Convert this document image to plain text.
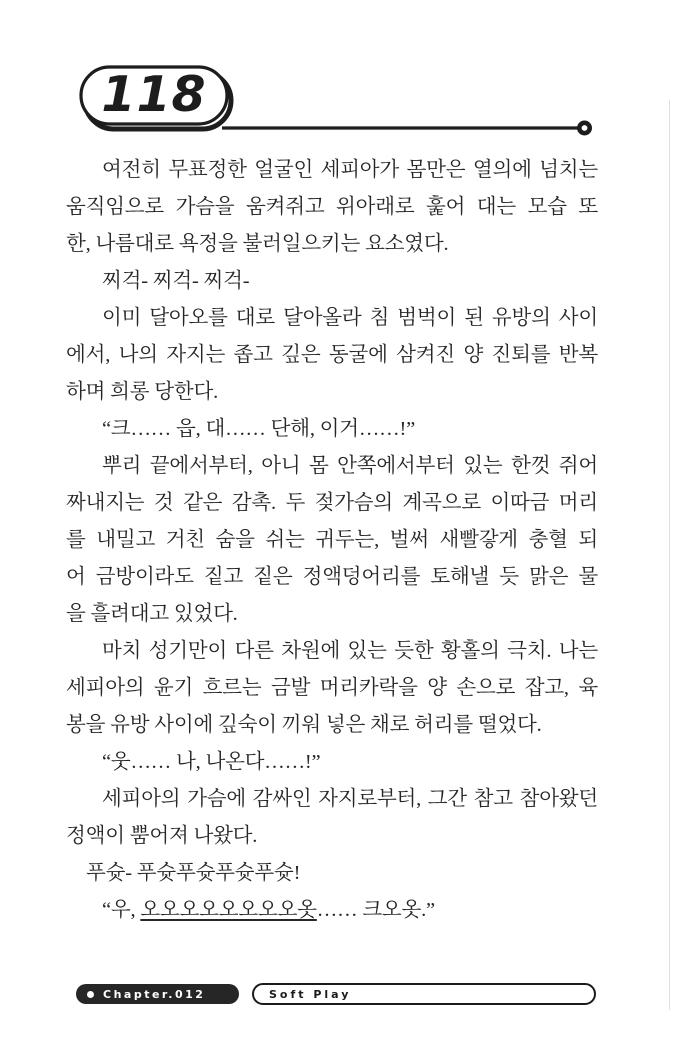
118
여전히 무표정한 얼굴인 세피아가 몸만은 열의에 넘치는
움직임으로 가슴을 움켜쥐고 위아래로 훑어 대는 모습 또
한, 나름대로 욕정을 불러일으키는 요소였다.
찌걱- 찌걱- 찌걱-
이미 달아오를 대로 달아올라 침 범벅이 된 유방의 사이
에서, 나의 자지는 좁고 깊은 동굴에 삼켜진 양 진퇴를 반복
하며 희롱 당한다.
“크…… 읍, 대…… 단해, 이거……!”
뿌리 끝에서부터, 아니 몸 안쪽에서부터 있는 한껏 쥐어
짜내지는 것 같은 감촉. 두 젖가슴의 계곡으로 이따금 머리
를 내밀고 거친 숨을 쉬는 귀두는, 벌써 새빨갛게 충혈 되
어 금방이라도 짙고 짙은 정액덩어리를 토해낼 듯 맑은 물
을 흘려대고 있었다.
마치 성기만이 다른 차원에 있는 듯한 황홀의 극치. 나는
세피아의 윤기 흐르는 금발 머리카락을 양 손으로 잡고, 육
봉을 유방 사이에 깊숙이 끼워 넣은 채로 허리를 떨었다.
“웃…… 나, 나온다……!”
세피아의 가슴에 감싸인 자지로부터, 그간 참고 참아왔던
정액이 뿜어져 나왔다.
푸슛- 푸슛푸슛푸슛푸슛!
“우, 오오오오오오오오옷…… 크오옷.”
Chapter.012	Soft Play
